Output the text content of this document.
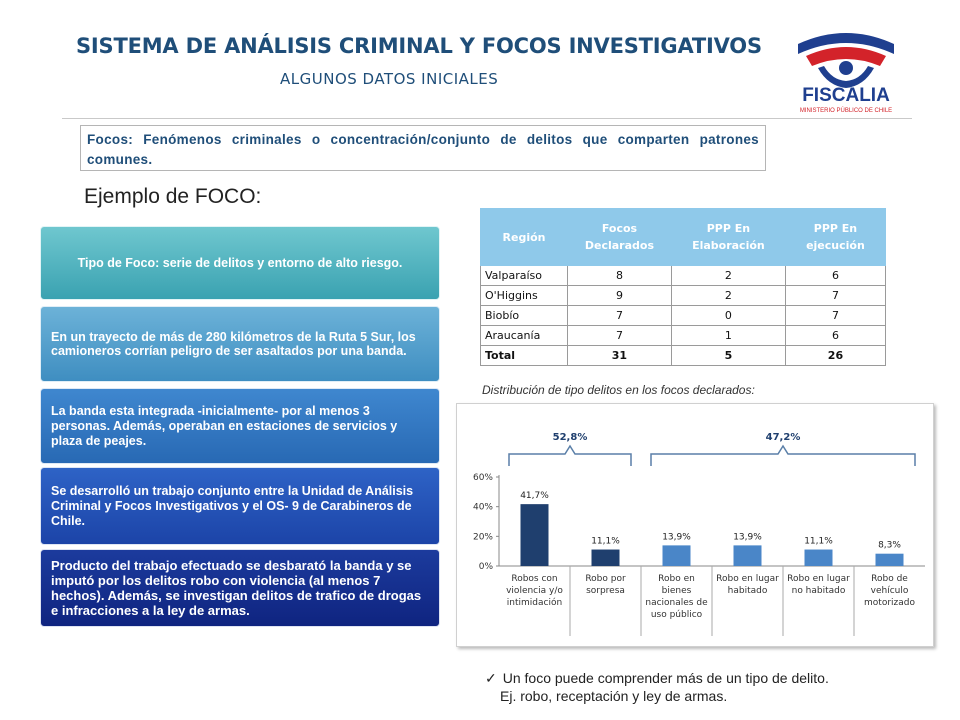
SISTEMA DE ANÁLISIS CRIMINAL Y FOCOS INVESTIGATIVOS
ALGUNOS DATOS INICIALES
FISCALIA
MINISTERIO PÚBLICO DE CHILE
Focos: Fenómenos criminales o concentración/conjunto de delitos que comparten patrones comunes.
Ejemplo de FOCO:
Tipo de Foco: serie de delitos y entorno de alto riesgo.
En un trayecto de más de 280 kilómetros de la Ruta 5 Sur, los camioneros corrían peligro de ser asaltados por una banda.
La banda esta integrada -inicialmente- por al menos 3 personas. Además, operaban en estaciones de servicios y plaza de peajes.
Se desarrolló un trabajo conjunto entre la Unidad de Análisis Criminal y Focos Investigativos y el OS- 9 de Carabineros de Chile.
Producto del trabajo efectuado se desbarató la banda y se imputó por los delitos robo con violencia (al menos 7 hechos). Además, se investigan delitos de trafico de drogas e infracciones a la ley de armas.
Región	Focos Declarados	PPP En Elaboración	PPP En ejecución
Valparaíso	8	2	6
O'Higgins	9	2	7
Biobío	7	0	7
Araucanía	7	1	6
Total	31	5	26
Distribución de tipo delitos en los focos declarados:
60%
40%
20%
0%
41,7%
Robos con
violencia y/o
intimidación
11,1%
Robo por
sorpresa
13,9%
Robo en
bienes
nacionales de
uso público
13,9%
Robo en lugar
habitado
11,1%
Robo en lugar
no habitado
8,3%
Robo de
vehículo
motorizado
52,8%	47,2%
✓ Un foco puede comprender más de un tipo de delito.
Ej. robo, receptación y ley de armas.
